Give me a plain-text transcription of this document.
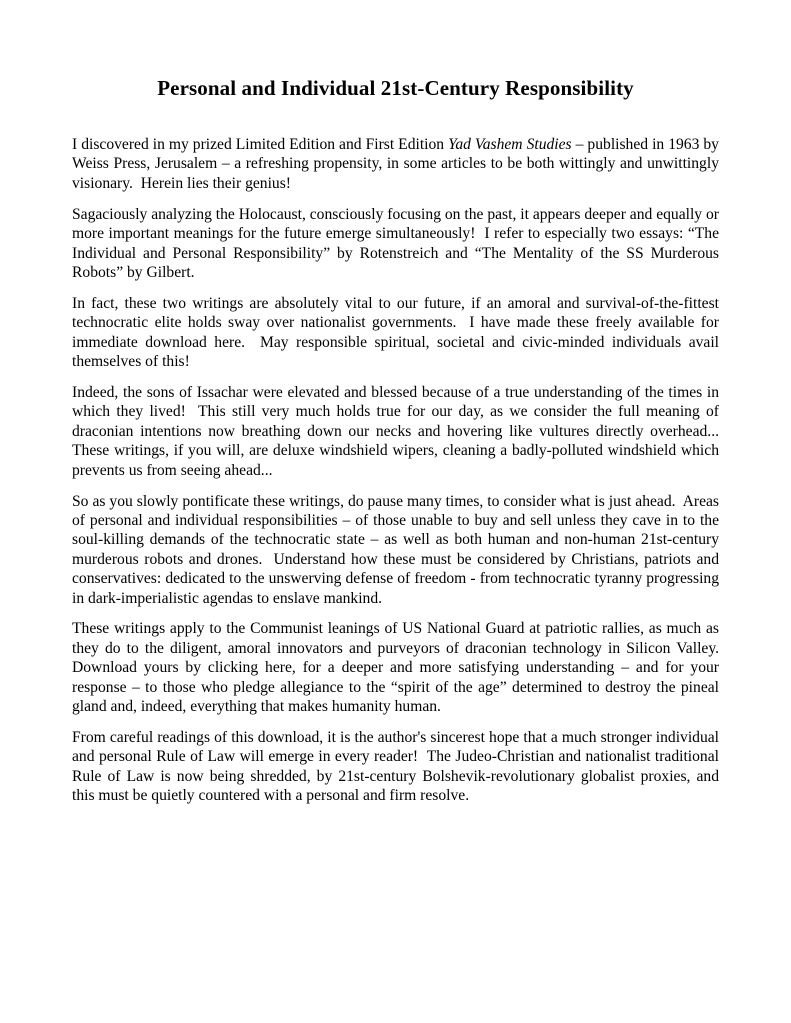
Personal and Individual 21st-Century Responsibility

I discovered in my prized Limited Edition and First Edition Yad Vashem Studies – published in 1963 by Weiss Press, Jerusalem – a refreshing propensity, in some articles to be both wittingly and unwittingly visionary.  Herein lies their genius!

Sagaciously analyzing the Holocaust, consciously focusing on the past, it appears deeper and equally or more important meanings for the future emerge simultaneously!  I refer to especially two essays: “The Individual and Personal Responsibility” by Rotenstreich and “The Mentality of the SS Murderous Robots” by Gilbert.

In fact, these two writings are absolutely vital to our future, if an amoral and survival-of-the-fittest technocratic elite holds sway over nationalist governments.  I have made these freely available for immediate download here.  May responsible spiritual, societal and civic-minded individuals avail themselves of this!

Indeed, the sons of Issachar were elevated and blessed because of a true understanding of the times in which they lived!  This still very much holds true for our day, as we consider the full meaning of draconian intentions now breathing down our necks and hovering like vultures directly overhead...  These writings, if you will, are deluxe windshield wipers, cleaning a badly-polluted windshield which prevents us from seeing ahead...

So as you slowly pontificate these writings, do pause many times, to consider what is just ahead.  Areas of personal and individual responsibilities – of those unable to buy and sell unless they cave in to the soul-killing demands of the technocratic state – as well as both human and non-human 21st-century murderous robots and drones.  Understand how these must be considered by Christians, patriots and conservatives: dedicated to the unswerving defense of freedom - from technocratic tyranny progressing in dark-imperialistic agendas to enslave mankind.

These writings apply to the Communist leanings of US National Guard at patriotic rallies, as much as they do to the diligent, amoral innovators and purveyors of draconian technology in Silicon Valley.  Download yours by clicking here, for a deeper and more satisfying understanding – and for your response – to those who pledge allegiance to the “spirit of the age” determined to destroy the pineal gland and, indeed, everything that makes humanity human.

From careful readings of this download, it is the author's sincerest hope that a much stronger individual and personal Rule of Law will emerge in every reader!  The Judeo-Christian and nationalist traditional Rule of Law is now being shredded, by 21st-century Bolshevik-revolutionary globalist proxies, and this must be quietly countered with a personal and firm resolve.
